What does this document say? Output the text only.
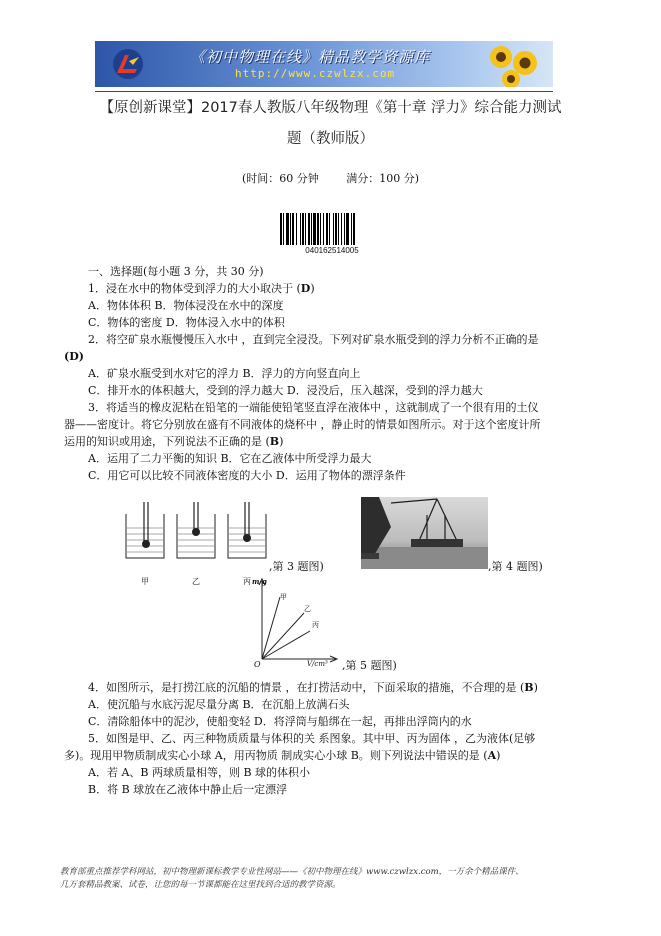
《初中物理在线》精品教学资源库
http://www.czwlzx.com
【原创新课堂】2017春人教版八年级物理《第十章 浮力》综合能力测试
题（教师版）
(时间：60 分钟	满分：100 分)
040162514005
一、选择题(每小题 3 分，共 30 分)
1．浸在水中的物体受到浮力的大小取决于 (D)
A．物体体积 B．物体浸没在水中的深度
C．物体的密度 D．物体浸入水中的体积
2．将空矿泉水瓶慢慢压入水中 ，直到完全浸没。下列对矿泉水瓶受到的浮力分析不正确的是
(D)
A．矿泉水瓶受到水对它的浮力 B．浮力的方向竖直向上
C．排开水的体积越大，受到的浮力越大 D．浸没后，压入越深，受到的浮力越大
3．将适当的橡皮泥粘在铅笔的一端能使铅笔竖直浮在液体中 ，这就制成了一个很有用的土仪
器——密度计。将它分别放在盛有不同液体的烧杯中 ，静止时的情景如图所示。对于这个密度计所
运用的知识或用途，下列说法不正确的是 (B)
A．运用了二力平衡的知识 B．它在乙液体中所受浮力最大
C．用它可以比较不同液体密度的大小 D．运用了物体的漂浮条件
甲	乙	丙
,第 3 题图)	,第 4 题图)
m/g
O	V/cm³
甲
乙
丙
,第 5 题图)
4．如图所示，是打捞江底的沉船的情景 ，在打捞活动中，下面采取的措施，不合理的是 (B)
A．使沉船与水底污泥尽量分离 B．在沉船上放满石头
C．清除船体中的泥沙，使船变轻 D．将浮筒与船绑在一起，再排出浮筒内的水
5．如图是甲、乙、丙三种物质质量与体积的关 系图象。其中甲、丙为固体 ，乙为液体(足够
多)。现用甲物质制成实心小球 A，用丙物质 制成实心小球 B。则下列说法中错误的是 (A)
A．若 A、B 两球质量相等，则 B 球的体积小
B．将 B 球放在乙液体中静止后一定漂浮
教育部重点推荐学科网站，初中物理新课标教学专业性网站——《初中物理在线》www.czwlzx.com，一万余个精品课件、
几万套精品教案、试卷，让您的每一节课都能在这里找到合适的教学资源。
